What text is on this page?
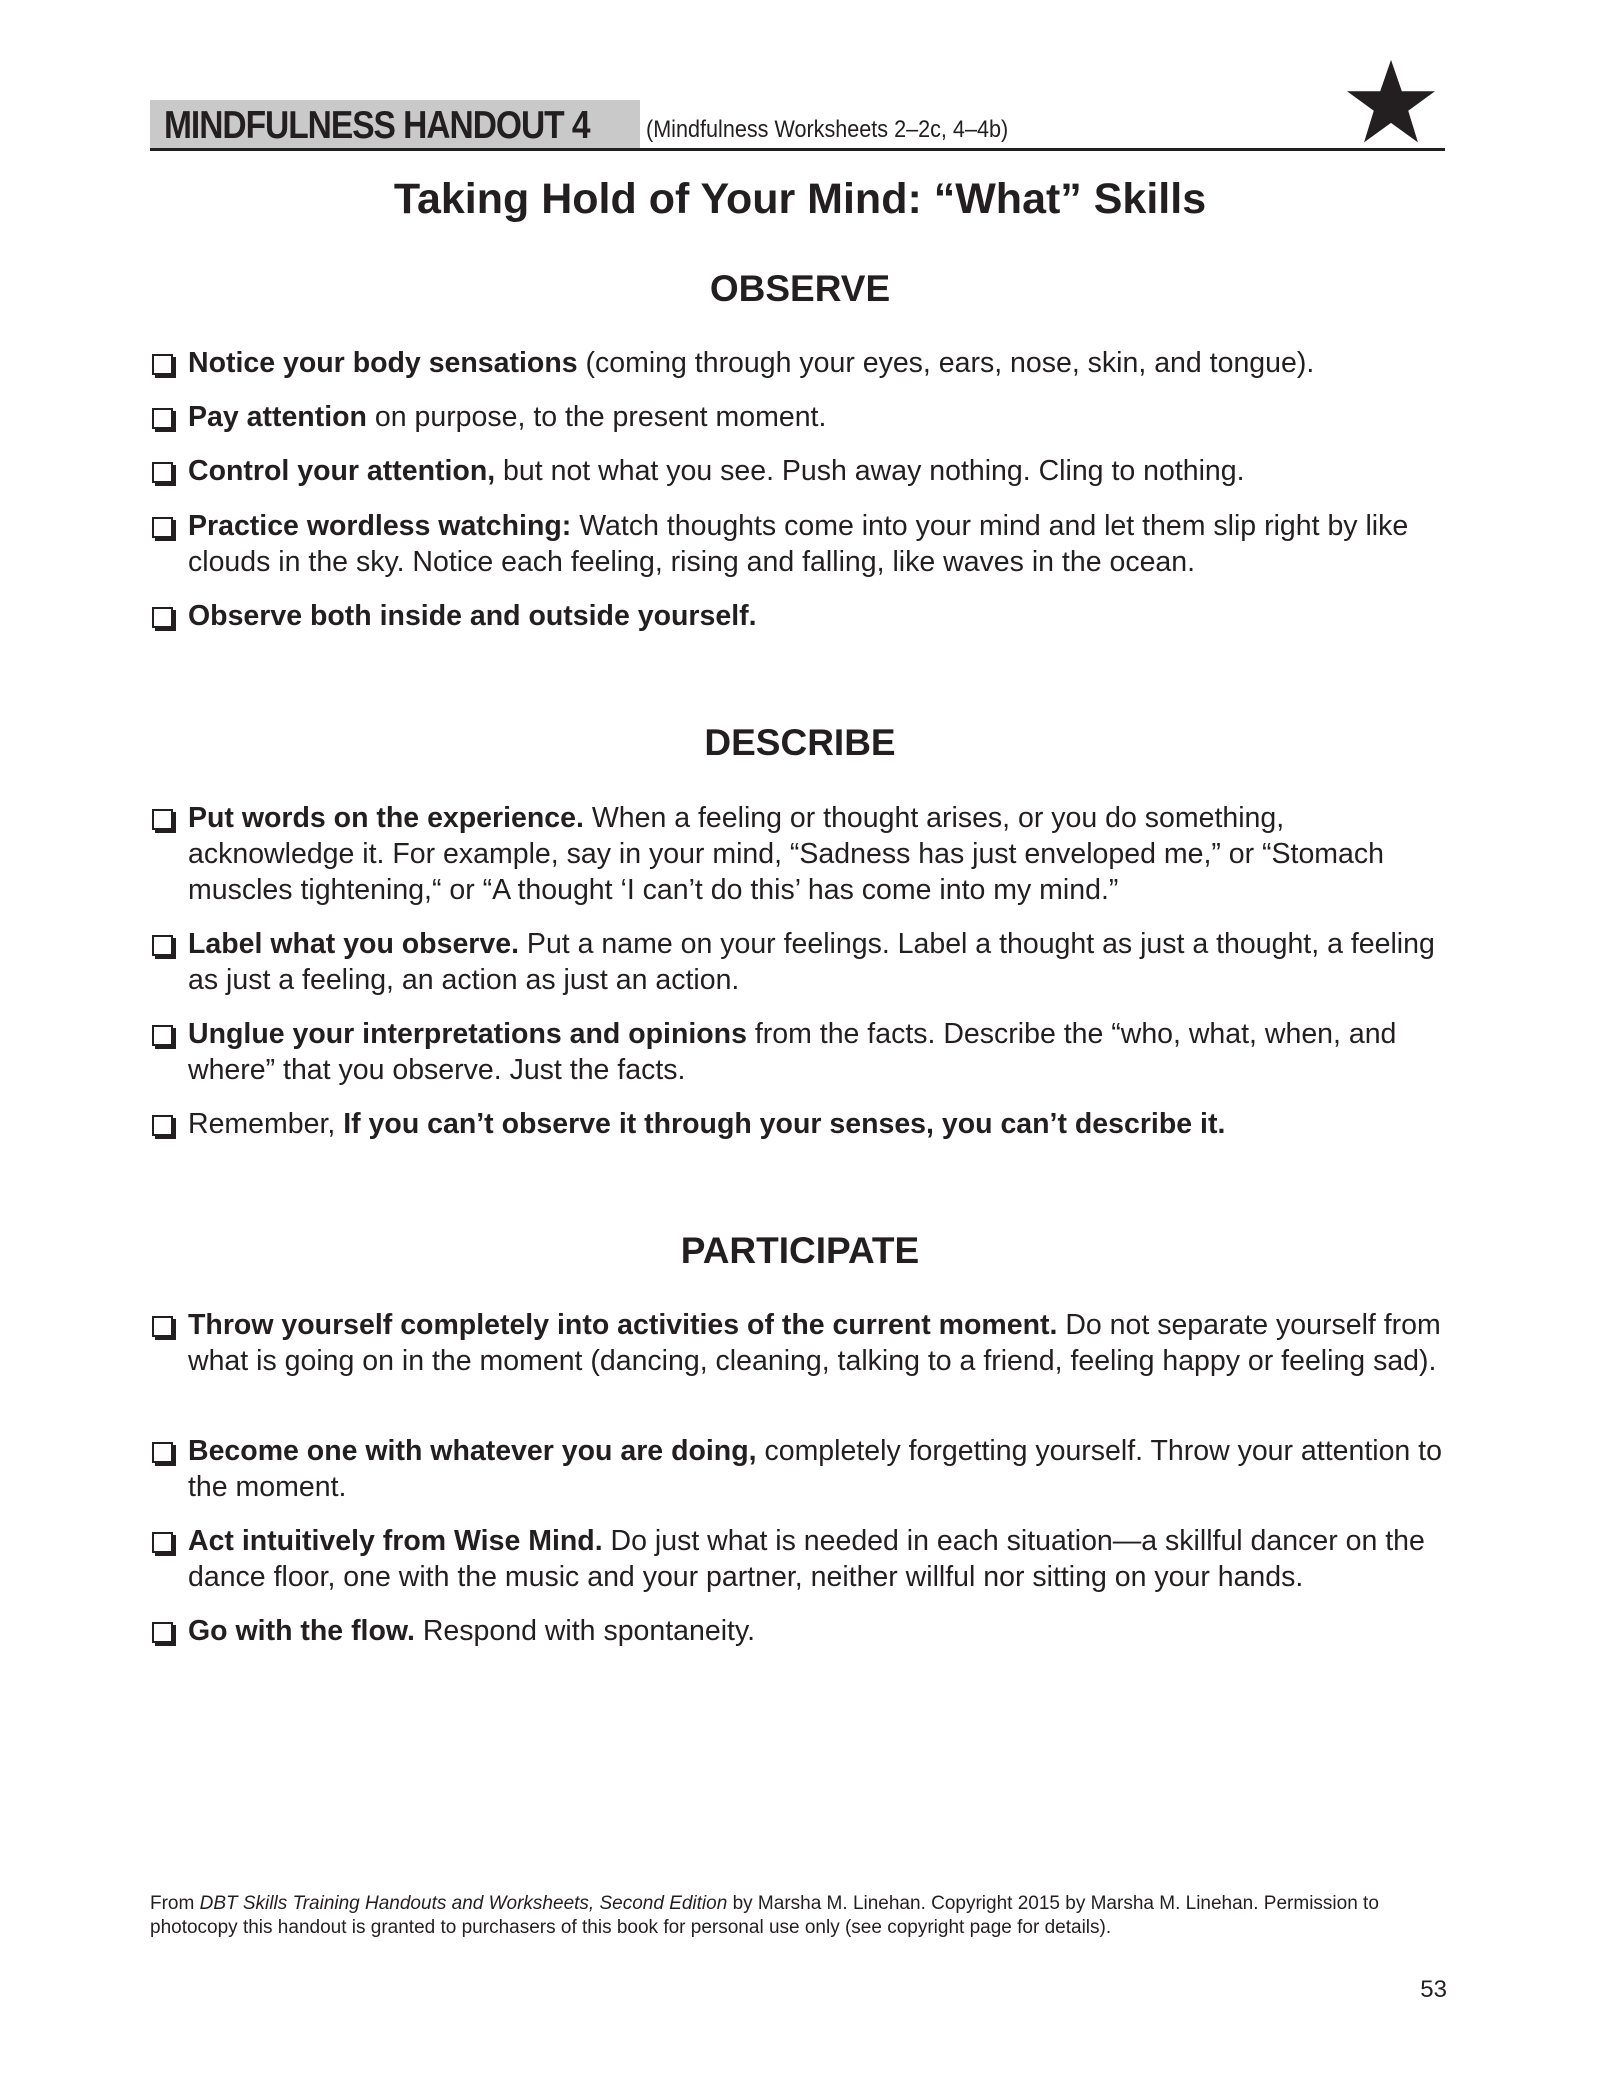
MINDFULNESS HANDOUT 4 (Mindfulness Worksheets 2–2c, 4–4b)
Taking Hold of Your Mind: “What” Skills
OBSERVE
Notice your body sensations (coming through your eyes, ears, nose, skin, and tongue).
Pay attention on purpose, to the present moment.
Control your attention, but not what you see. Push away nothing. Cling to nothing.
Practice wordless watching: Watch thoughts come into your mind and let them slip right by like clouds in the sky. Notice each feeling, rising and falling, like waves in the ocean.
Observe both inside and outside yourself.
DESCRIBE
Put words on the experience. When a feeling or thought arises, or you do something, acknowledge it. For example, say in your mind, “Sadness has just enveloped me,” or “Stomach muscles tightening,“ or “A thought ‘I can’t do this’ has come into my mind.”
Label what you observe. Put a name on your feelings. Label a thought as just a thought, a feeling as just a feeling, an action as just an action.
Unglue your interpretations and opinions from the facts. Describe the “who, what, when, and where” that you observe. Just the facts.
Remember, If you can’t observe it through your senses, you can’t describe it.
PARTICIPATE
Throw yourself completely into activities of the current moment. Do not separate yourself from what is going on in the moment (dancing, cleaning, talking to a friend, feeling happy or feeling sad).
Become one with whatever you are doing, completely forgetting yourself. Throw your attention to the moment.
Act intuitively from Wise Mind. Do just what is needed in each situation—a skillful dancer on the dance floor, one with the music and your partner, neither willful nor sitting on your hands.
Go with the flow. Respond with spontaneity.
From DBT Skills Training Handouts and Worksheets, Second Edition by Marsha M. Linehan. Copyright 2015 by Marsha M. Linehan. Permission to photocopy this handout is granted to purchasers of this book for personal use only (see copyright page for details).
53
